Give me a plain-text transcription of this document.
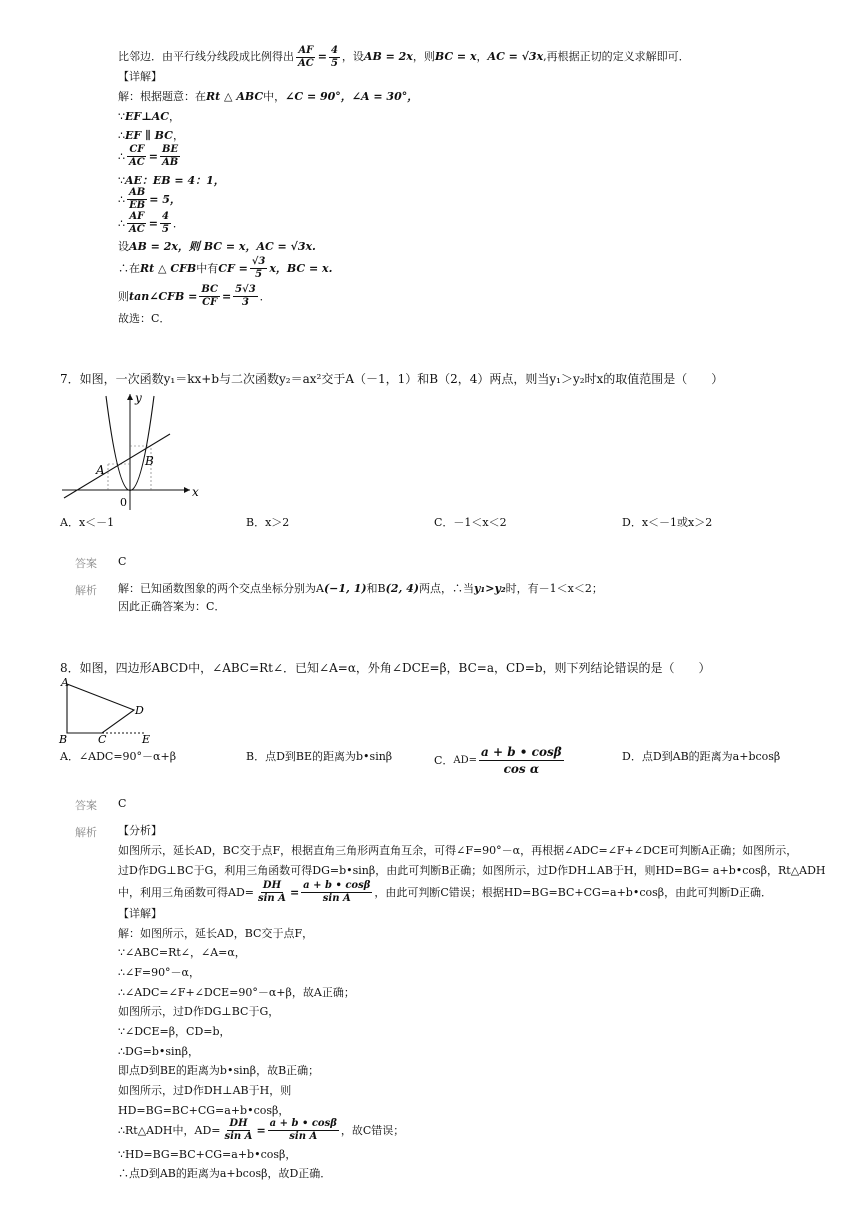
比邻边．由平行线分线段成比例得出 $\frac{AF}{AC} = \frac{4}{5}$ ，设 AB = 2x ，则 BC = x ， AC = √3x ,再根据正切的定义求解即可．
【详解】
解：根据题意：在Rt △ ABC中，∠C = 90°，∠A = 30°，
∵EF⊥AC，
∴EF ∥ BC，
∴ $\frac{CF}{AC} = \frac{BE}{AB}$
∵AE：EB = 4：1，
∴ $\frac{AB}{EB} = 5$，
∴ $\frac{AF}{AC} = \frac{4}{5}$ ．
设AB = 2x，则 BC = x，AC = √3x.
∴在 Rt △ CFB 中有 CF = $\frac{√3}{5}$ x，BC = x.
则 tan∠CFB = $\frac{BC}{CF} = \frac{5√3}{3}$ ．
故选：C．
7．如图，一次函数y₁＝kx+b与二次函数y₂＝ax²交于A（－1，1）和B（2，4）两点，则当y₁＞y₂时x的取值范围是（　　）
y
x
0
A
B
A．x＜－1	B．x＞2	C．－1＜x＜2	D．x＜－1或x＞2
答案 C
解析 解：已知函数图象的两个交点坐标分别为A(−1, 1)和B(2, 4)两点，∴当y₁>y₂时，有－1＜x＜2；
因此正确答案为：C．
8．如图，四边形ABCD中，∠ABC=Rt∠．已知∠A=α，外角∠DCE=β，BC=a，CD=b，则下列结论错误的是（　　）
A
B	C
D
E
A．∠ADC=90°－α+β	B．点D到BE的距离为b•sinβ	C． $AD= \frac{a + b • \cos\beta}{\text{cos α}}$	D．点D到AB的距离为a+bcosβ
答案 C
解析 【分析】
如图所示，延长AD，BC交于点F，根据直角三角形两直角互余，可得∠F=90°－α，再根据∠ADC=∠F+∠DCE可判断A正确；如图所示，
过D作DG⊥BC于G，利用三角函数可得DG=b•sinβ，由此可判断B正确；如图所示，过D作DH⊥AB于H，则HD=BG= a+b•cosβ，Rt△ADH
中，利用三角函数可得$AD= \frac{DH}{\text{sin A}} = \frac{a + b • \cos\beta}{\text{sin A}}$ ，由此可判断C错误；根据HD=BG=BC+CG=a+b•cosβ，由此可判断D正确．
【详解】
解：如图所示，延长AD，BC交于点F，
∵∠ABC=Rt∠，∠A=α，
∴∠F=90°－α，
∴∠ADC=∠F+∠DCE=90°－α+β，故A正确；
如图所示，过D作DG⊥BC于G，
∵∠DCE=β，CD=b，
∴DG=b•sinβ，
即点D到BE的距离为b•sinβ，故B正确；
如图所示，过D作DH⊥AB于H，则
HD=BG=BC+CG=a+b•cosβ，
∴Rt△ADH中，$AD= \frac{DH}{\text{sin A}} = \frac{a + b • \cos\beta}{\text{sin A}}$ ，故C错误；
∵HD=BG=BC+CG=a+b•cosβ，
∴点D到AB的距离为a+bcosβ，故D正确．
